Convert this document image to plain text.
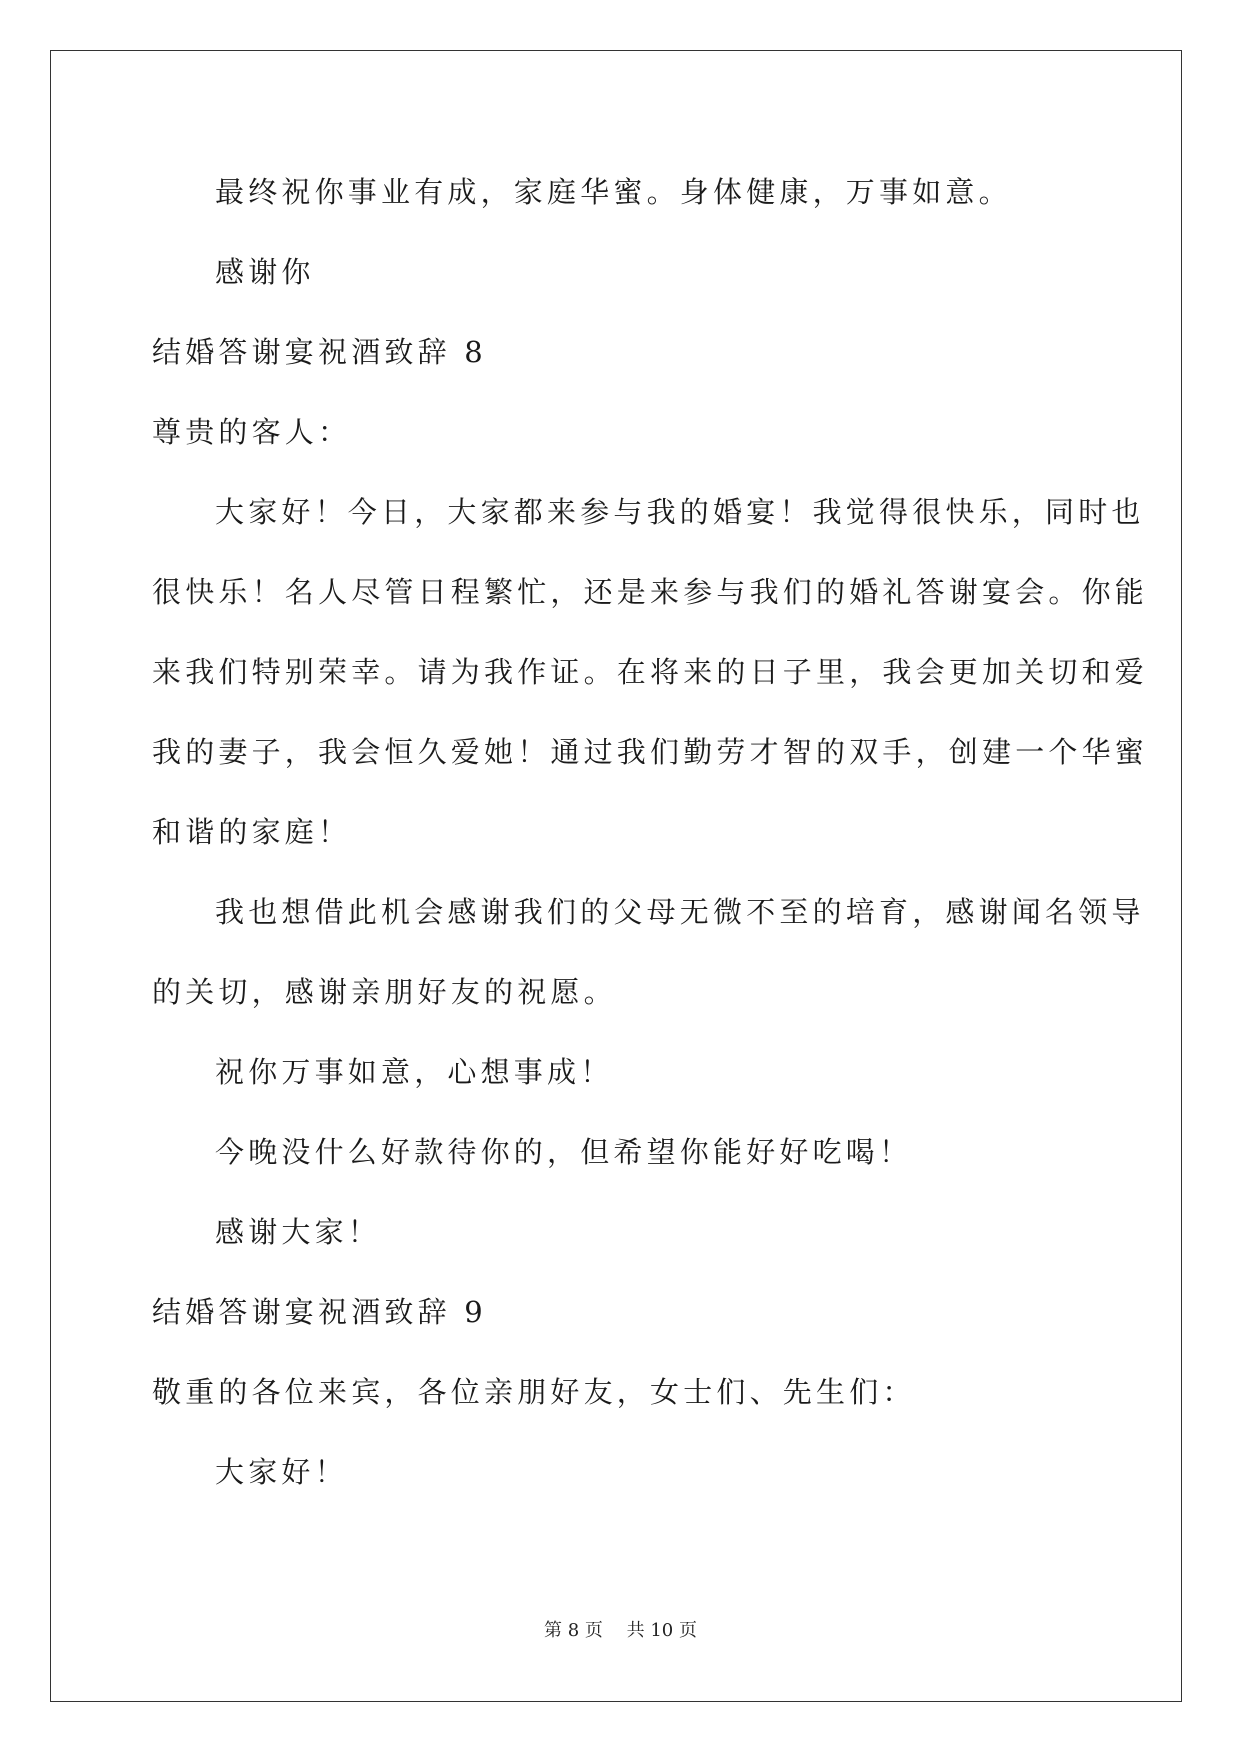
最终祝你事业有成，家庭华蜜。身体健康，万事如意。
感谢你
结婚答谢宴祝酒致辞 8
尊贵的客人：
大家好！今日，大家都来参与我的婚宴！我觉得很快乐，同时也
很快乐！名人尽管日程繁忙，还是来参与我们的婚礼答谢宴会。你能
来我们特别荣幸。请为我作证。在将来的日子里，我会更加关切和爱
我的妻子，我会恒久爱她！通过我们勤劳才智的双手，创建一个华蜜
和谐的家庭！
我也想借此机会感谢我们的父母无微不至的培育，感谢闻名领导
的关切，感谢亲朋好友的祝愿。
祝你万事如意，心想事成！
今晚没什么好款待你的，但希望你能好好吃喝！
感谢大家！
结婚答谢宴祝酒致辞 9
敬重的各位来宾，各位亲朋好友，女士们、先生们：
大家好！
第 8 页　 共 10 页
